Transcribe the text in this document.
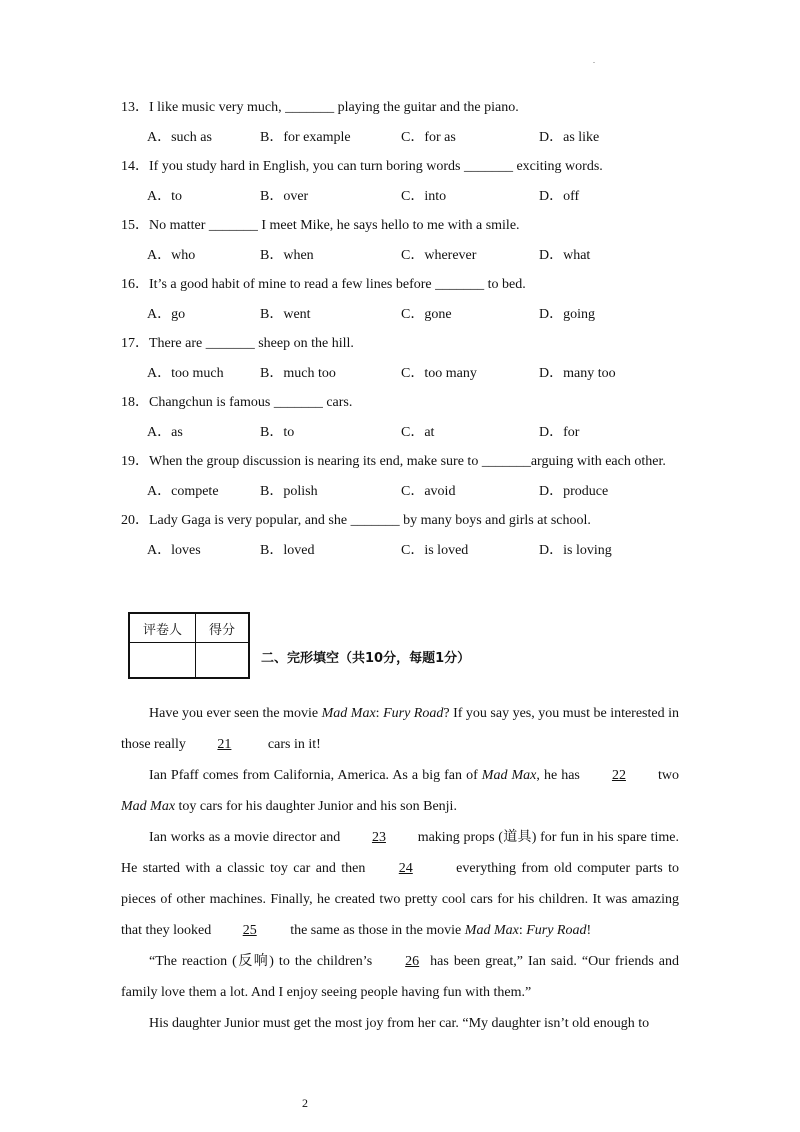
.
13．I like music very much, _______ playing the guitar and the piano.
A．such as	B．for example	C．for as	D．as like
14．If you study hard in English, you can turn boring words _______ exciting words.
A．to	B．over	C．into	D．off
15．No matter _______ I meet Mike, he says hello to me with a smile.
A．who	B．when	C．wherever	D．what
16．It’s a good habit of mine to read a few lines before _______ to bed.
A．go	B．went	C．gone	D．going
17．There are _______ sheep on the hill.
A．too much	B．much too	C．too many	D．many too
18．Changchun is famous _______ cars.
A．as	B．to	C．at	D．for
19．When the group discussion is nearing its end, make sure to _______arguing with each other.
A．compete	B．polish	C．avoid	D．produce
20．Lady Gaga is very popular, and she _______ by many boys and girls at school.
A．loves	B．loved	C．is loved	D．is loving
评卷人	得分

二、完形填空（共10分，每题1分）

Have you ever seen the movie Mad Max: Fury Road? If you say yes, you must be interested in those really 21 cars in it!

Ian Pfaff comes from California, America. As a big fan of Mad Max, he has 22 two Mad Max toy cars for his daughter Junior and his son Benji.

Ian works as a movie director and 23 making props (道具) for fun in his spare time. He started with a classic toy car and then 24	everything from old computer parts to pieces of other machines. Finally, he created two pretty cool cars for his children. It was amazing that they looked 25 the same as those in the movie Mad Max: Fury Road!

“The reaction (反响) to the children’s 26 has been great,” Ian said. “Our friends and family love them a lot. And I enjoy seeing people having fun with them.”

His daughter Junior must get the most joy from her car. “My daughter isn’t old enough to

2
